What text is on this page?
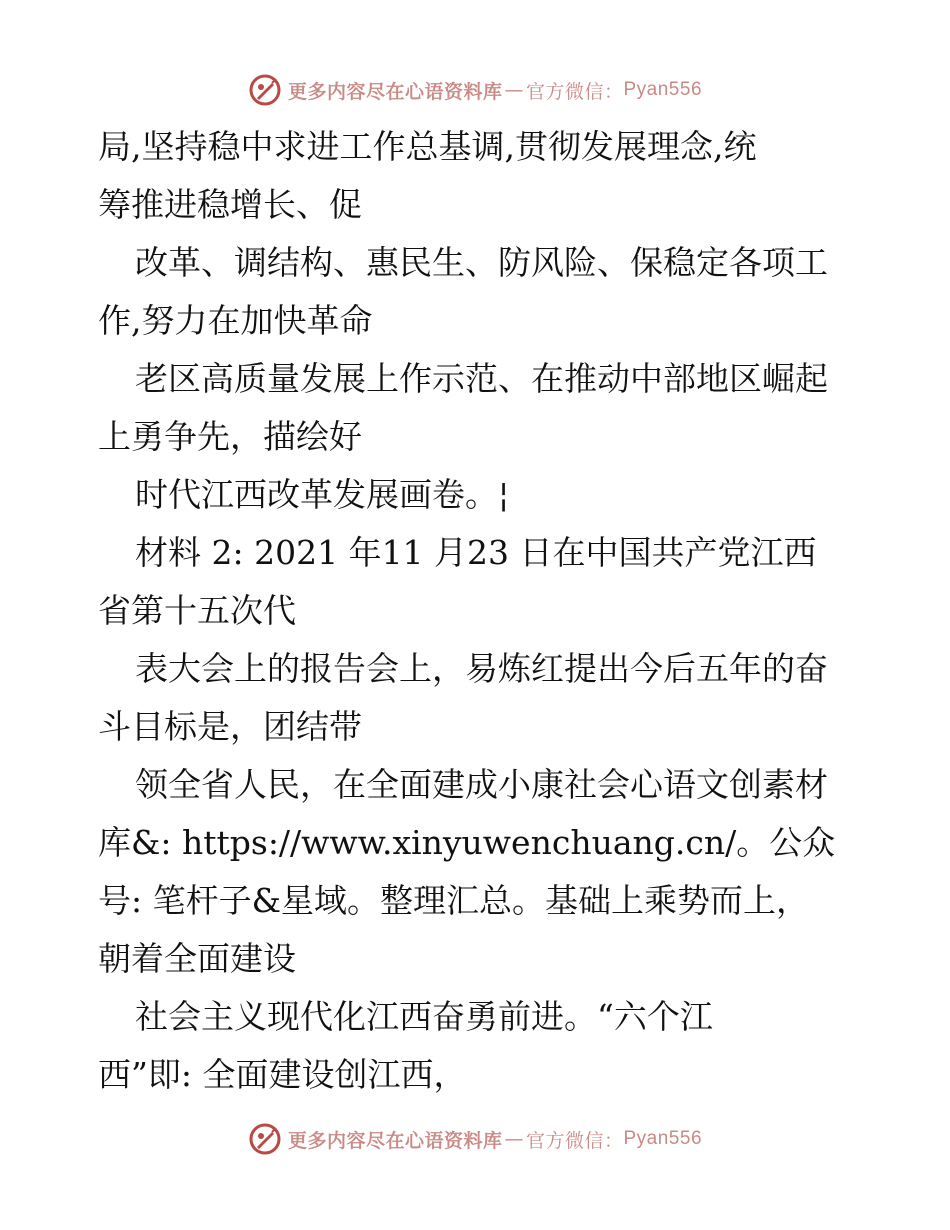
更多内容尽在心语资料库 — 官方微信： Pyan556
局,坚持稳中求进工作总基调,贯彻发展理念,统
筹推进稳增长、促
改革、调结构、惠民生、防风险、保稳定各项工
作,努力在加快革命
老区高质量发展上作示范、在推动中部地区崛起
上勇争先，描绘好
时代江西改革发展画卷。¦
材料 2: 2021 年11 月23 日在中国共产党江西
省第十五次代
表大会上的报告会上，易炼红提出今后五年的奋
斗目标是，团结带
领全省人民，在全面建成小康社会心语文创素材
库&: https://www.xinyuwenchuang.cn/。公众
号: 笔杆子&星域。整理汇总。基础上乘势而上，
朝着全面建设
社会主义现代化江西奋勇前进。“六个江
西”即: 全面建设创江西，
更多内容尽在心语资料库 — 官方微信： Pyan556
